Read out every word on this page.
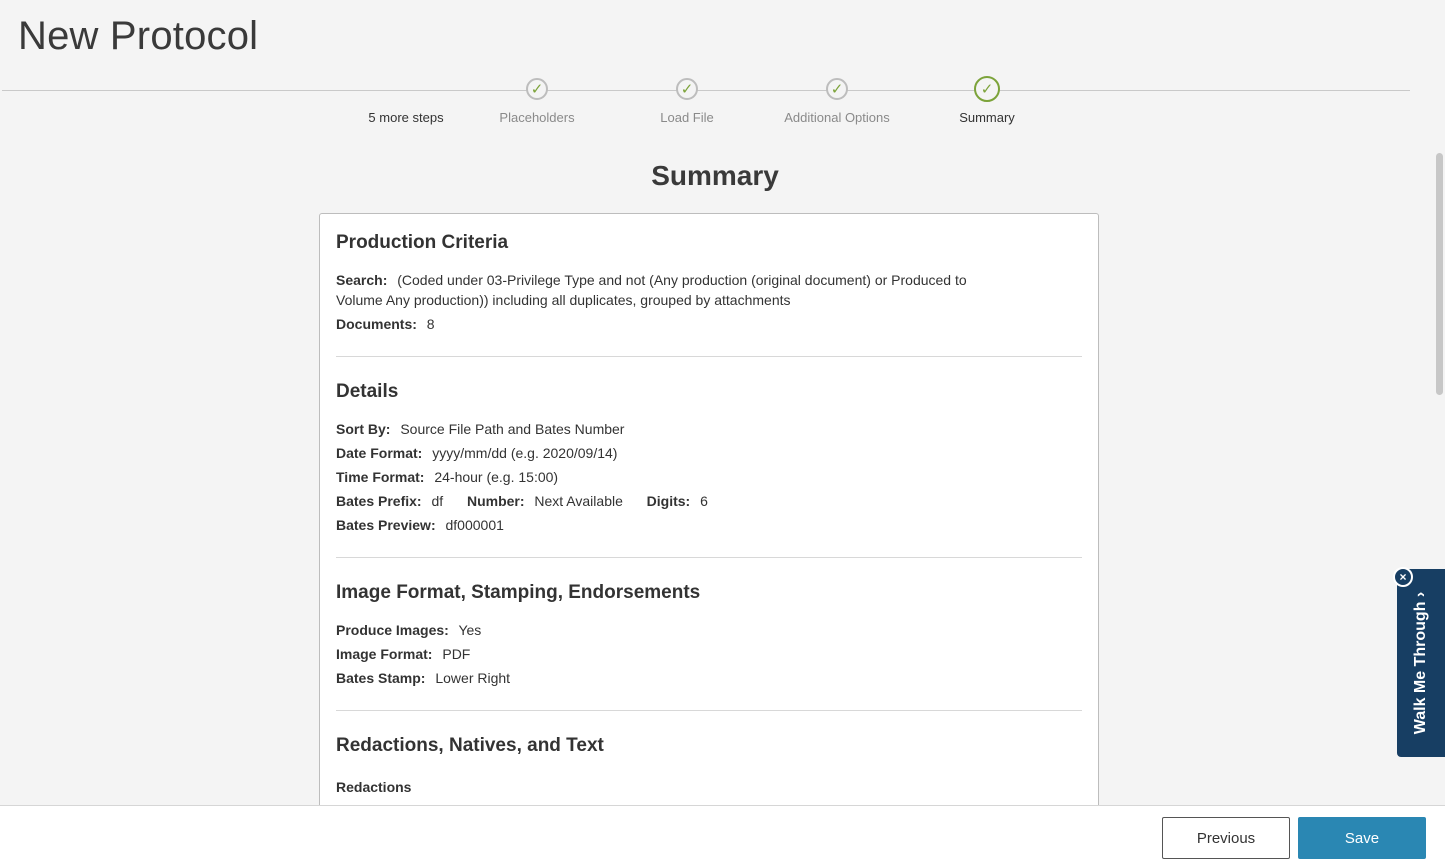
New Protocol
5 more steps
✓
Placeholders
✓
Load File
✓
Additional Options
✓
Summary
Summary
Production Criteria
Search: (Coded under 03-Privilege Type and not (Any production (original document) or Produced to Volume Any production)) including all duplicates, grouped by attachments
Documents: 8
Details
Sort By: Source File Path and Bates Number
Date Format: yyyy/mm/dd (e.g. 2020/09/14)
Time Format: 24-hour (e.g. 15:00)
Bates Prefix: df Number: Next Available Digits: 6
Bates Preview: df000001
Image Format, Stamping, Endorsements
Produce Images: Yes
Image Format: PDF
Bates Stamp: Lower Right
Redactions, Natives, and Text
Redactions
Walk Me Through ›
×
Previous	Save
